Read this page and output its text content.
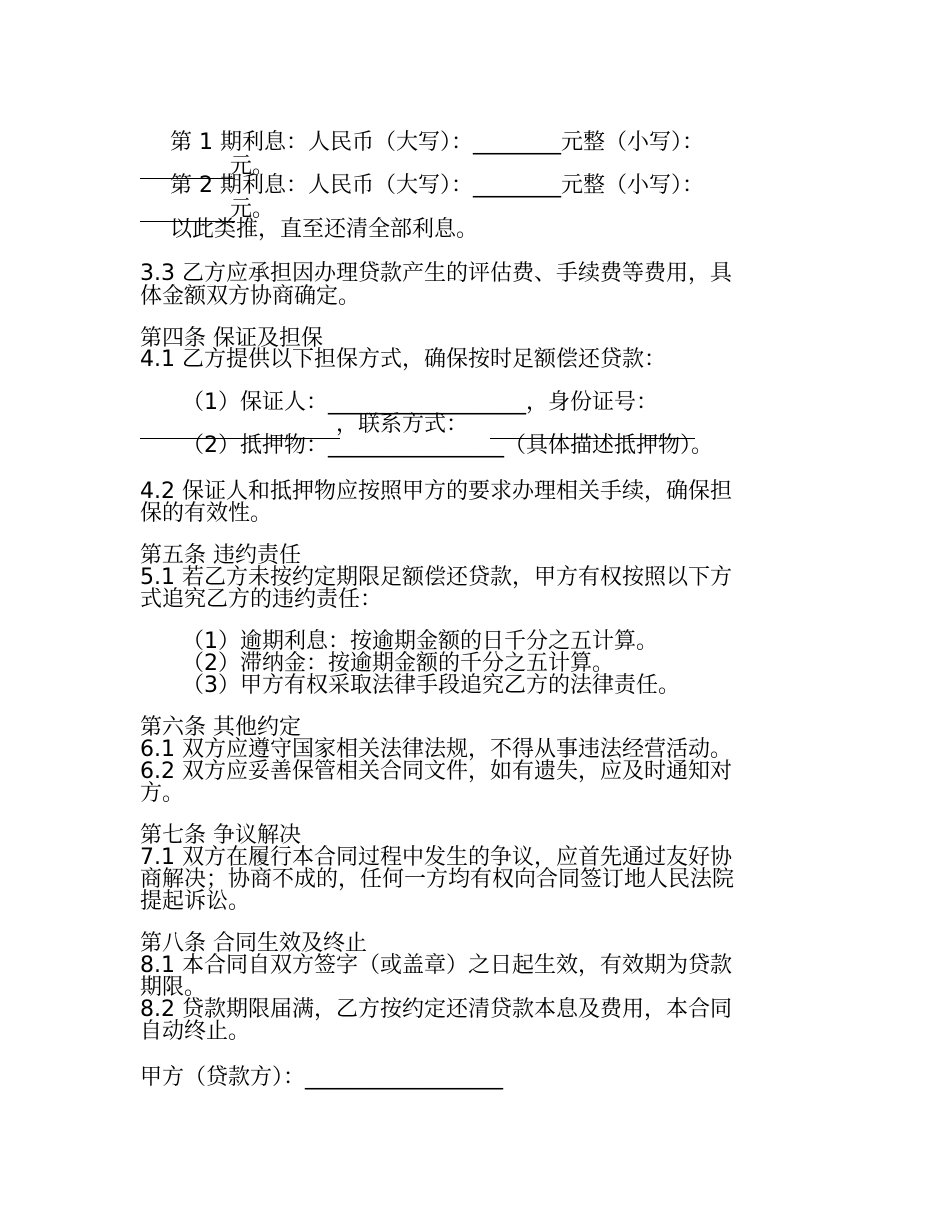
第 1 期利息：人民币（大写）：________元整（小写）：
元。
第 2 期利息：人民币（大写）：________元整（小写）：
元。
以此类推，直至还清全部利息。
3.3 乙方应承担因办理贷款产生的评估费、手续费等费用，具
体金额双方协商确定。
第四条 保证及担保
4.1 乙方提供以下担保方式，确保按时足额偿还贷款：
（1）保证人：__________________，身份证号：
，联系方式：
（2）抵押物：________________（具体描述抵押物）。
4.2 保证人和抵押物应按照甲方的要求办理相关手续，确保担
保的有效性。
第五条 违约责任
5.1 若乙方未按约定期限足额偿还贷款，甲方有权按照以下方
式追究乙方的违约责任：
（1）逾期利息：按逾期金额的日千分之五计算。
（2）滞纳金：按逾期金额的千分之五计算。
（3）甲方有权采取法律手段追究乙方的法律责任。
第六条 其他约定
6.1 双方应遵守国家相关法律法规，不得从事违法经营活动。
6.2 双方应妥善保管相关合同文件，如有遗失，应及时通知对
方。
第七条 争议解决
7.1 双方在履行本合同过程中发生的争议，应首先通过友好协
商解决；协商不成的，任何一方均有权向合同签订地人民法院
提起诉讼。
第八条 合同生效及终止
8.1 本合同自双方签字（或盖章）之日起生效，有效期为贷款
期限。
8.2 贷款期限届满，乙方按约定还清贷款本息及费用，本合同
自动终止。
甲方（贷款方）：__________________
